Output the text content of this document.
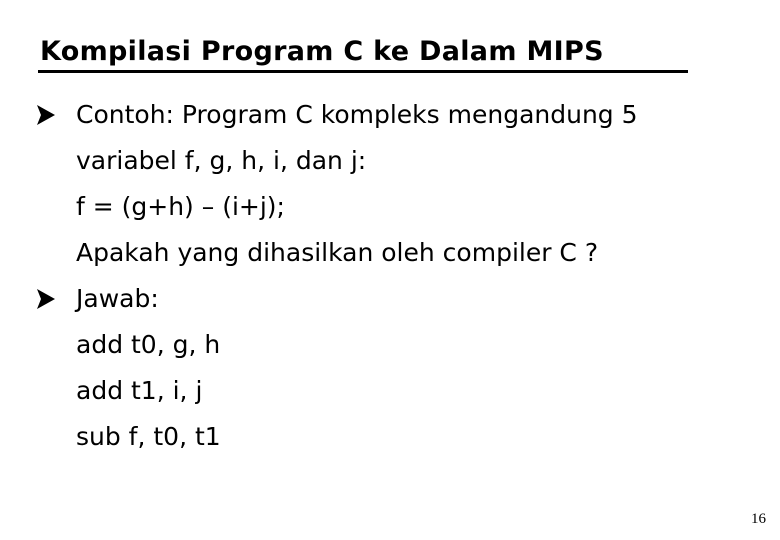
Kompilasi Program C ke Dalam MIPS
Contoh: Program C kompleks mengandung 5
variabel f, g, h, i, dan j:
f = (g+h) – (i+j);
Apakah yang dihasilkan oleh compiler C ?
Jawab:
add t0, g, h
add t1, i, j
sub f, t0, t1
16
